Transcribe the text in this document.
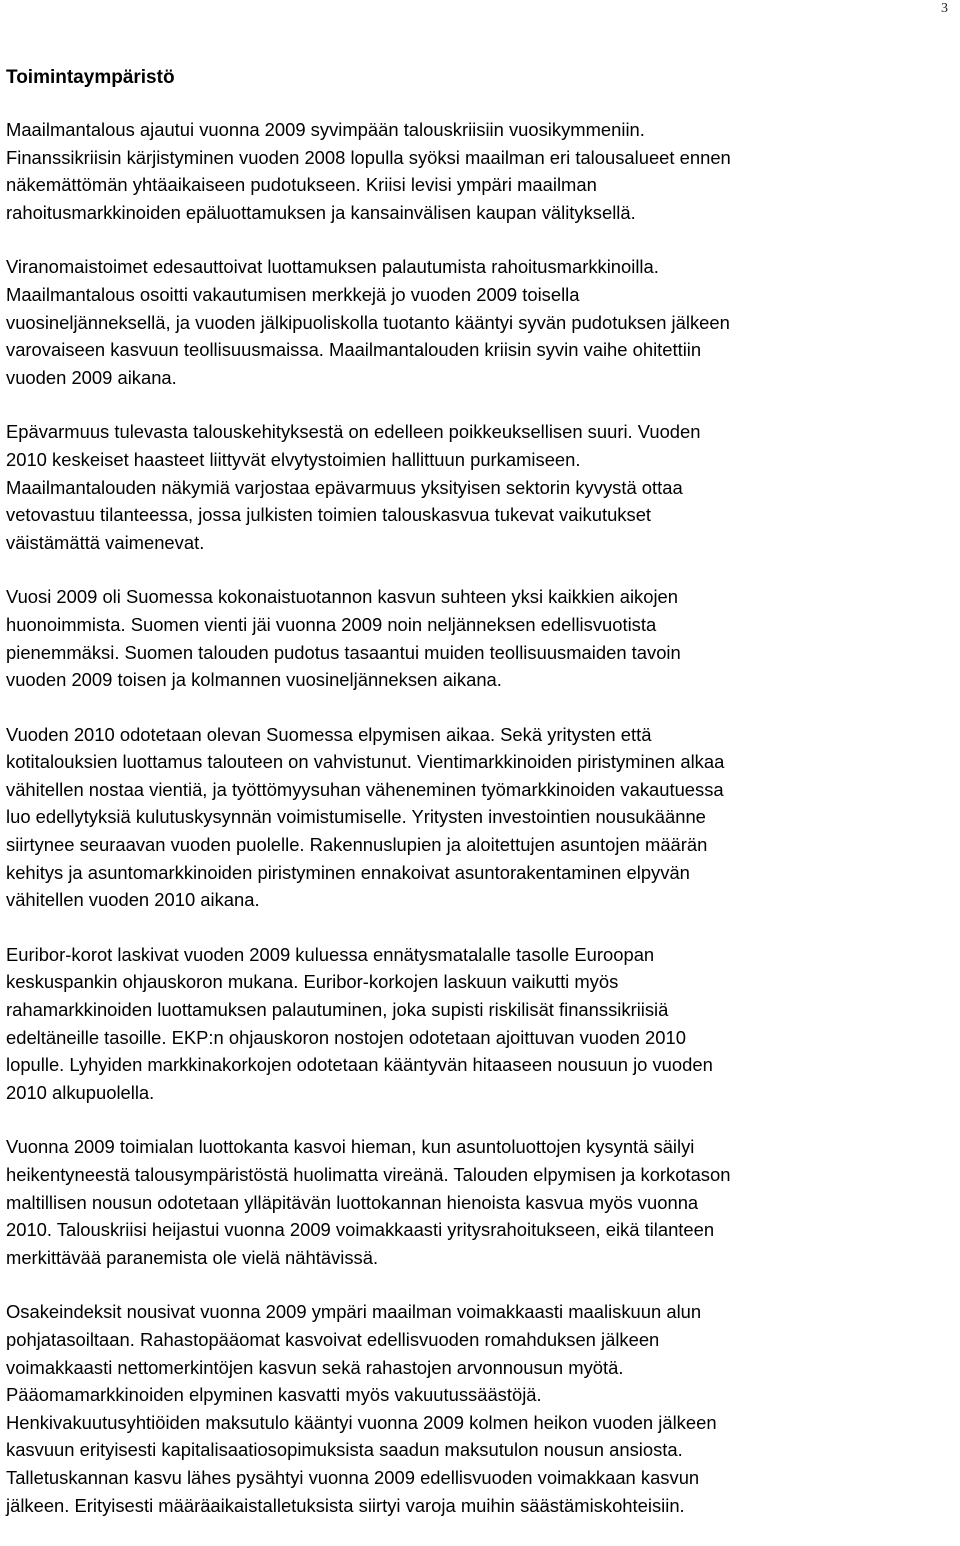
3
Toimintaympäristö
Maailmantalous ajautui vuonna 2009 syvimpään talouskriisiin vuosikymmeniin.
Finanssikriisin kärjistyminen vuoden 2008 lopulla syöksi maailman eri talousalueet ennen
näkemättömän yhtäaikaiseen pudotukseen. Kriisi levisi ympäri maailman
rahoitusmarkkinoiden epäluottamuksen ja kansainvälisen kaupan välityksellä.
Viranomaistoimet edesauttoivat luottamuksen palautumista rahoitusmarkkinoilla.
Maailmantalous osoitti vakautumisen merkkejä jo vuoden 2009 toisella
vuosineljänneksellä, ja vuoden jälkipuoliskolla tuotanto kääntyi syvän pudotuksen jälkeen
varovaiseen kasvuun teollisuusmaissa. Maailmantalouden kriisin syvin vaihe ohitettiin
vuoden 2009 aikana.
Epävarmuus tulevasta talouskehityksestä on edelleen poikkeuksellisen suuri. Vuoden
2010 keskeiset haasteet liittyvät elvytystoimien hallittuun purkamiseen.
Maailmantalouden näkymiä varjostaa epävarmuus yksityisen sektorin kyvystä ottaa
vetovastuu tilanteessa, jossa julkisten toimien talouskasvua tukevat vaikutukset
väistämättä vaimenevat.
Vuosi 2009 oli Suomessa kokonaistuotannon kasvun suhteen yksi kaikkien aikojen
huonoimmista. Suomen vienti jäi vuonna 2009 noin neljänneksen edellisvuotista
pienemmäksi. Suomen talouden pudotus tasaantui muiden teollisuusmaiden tavoin
vuoden 2009 toisen ja kolmannen vuosineljänneksen aikana.
Vuoden 2010 odotetaan olevan Suomessa elpymisen aikaa. Sekä yritysten että
kotitalouksien luottamus talouteen on vahvistunut. Vientimarkkinoiden piristyminen alkaa
vähitellen nostaa vientiä, ja työttömyysuhan väheneminen työmarkkinoiden vakautuessa
luo edellytyksiä kulutuskysynnän voimistumiselle. Yritysten investointien nousukäänne
siirtynee seuraavan vuoden puolelle. Rakennuslupien ja aloitettujen asuntojen määrän
kehitys ja asuntomarkkinoiden piristyminen ennakoivat asuntorakentaminen elpyvän
vähitellen vuoden 2010 aikana.
Euribor-korot laskivat vuoden 2009 kuluessa ennätysmatalalle tasolle Euroopan
keskuspankin ohjauskoron mukana. Euribor-korkojen laskuun vaikutti myös
rahamarkkinoiden luottamuksen palautuminen, joka supisti riskilisät finanssikriisiä
edeltäneille tasoille. EKP:n ohjauskoron nostojen odotetaan ajoittuvan vuoden 2010
lopulle. Lyhyiden markkinakorkojen odotetaan kääntyvän hitaaseen nousuun jo vuoden
2010 alkupuolella.
Vuonna 2009 toimialan luottokanta kasvoi hieman, kun asuntoluottojen kysyntä säilyi
heikentyneestä talousympäristöstä huolimatta vireänä. Talouden elpymisen ja korkotason
maltillisen nousun odotetaan ylläpitävän luottokannan hienoista kasvua myös vuonna
2010. Talouskriisi heijastui vuonna 2009 voimakkaasti yritysrahoitukseen, eikä tilanteen
merkittävää paranemista ole vielä nähtävissä.
Osakeindeksit nousivat vuonna 2009 ympäri maailman voimakkaasti maaliskuun alun
pohjatasoiltaan. Rahastopääomat kasvoivat edellisvuoden romahduksen jälkeen
voimakkaasti nettomerkintöjen kasvun sekä rahastojen arvonnousun myötä.
Pääomamarkkinoiden elpyminen kasvatti myös vakuutussäästöjä.
Henkivakuutusyhtiöiden maksutulo kääntyi vuonna 2009 kolmen heikon vuoden jälkeen
kasvuun erityisesti kapitalisaatiosopimuksista saadun maksutulon nousun ansiosta.
Talletuskannan kasvu lähes pysähtyi vuonna 2009 edellisvuoden voimakkaan kasvun
jälkeen. Erityisesti määräaikaistalletuksista siirtyi varoja muihin säästämiskohteisiin.
